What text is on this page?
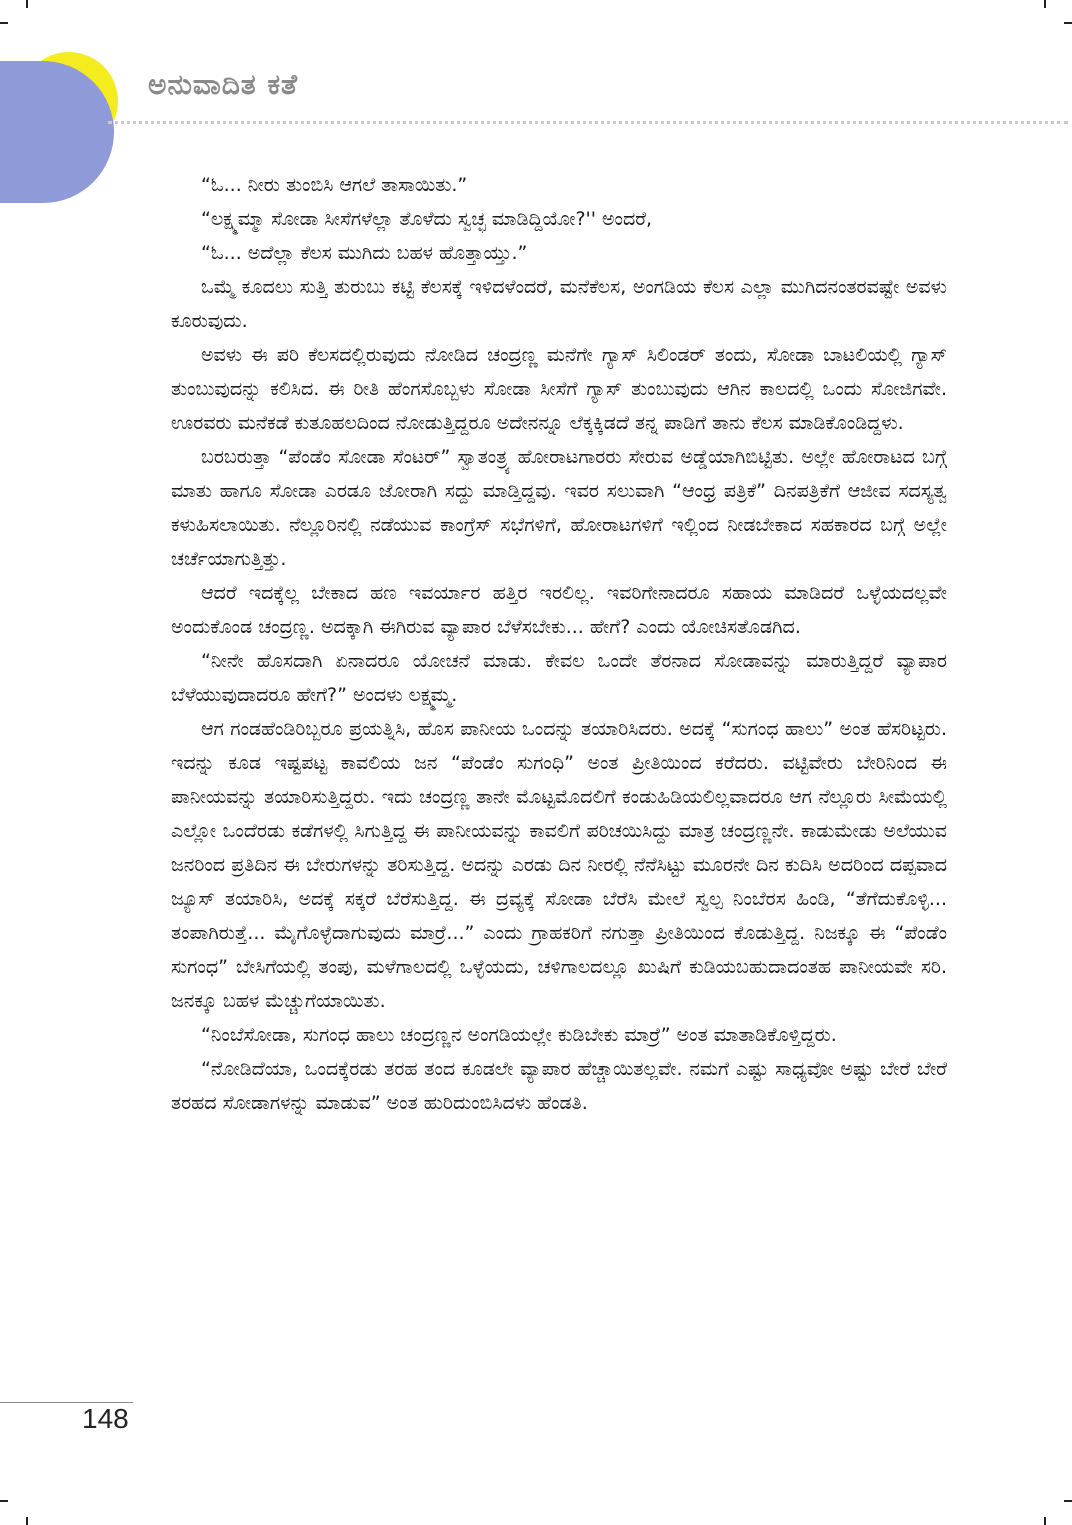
ಅನುವಾದಿತ ಕತೆ

“ಓ... ನೀರು ತುಂಬಿಸಿ ಆಗಲೆ ತಾಸಾಯಿತು.”

“ಲಕ್ಷ್ಮಮ್ಮಾ ಸೋಡಾ ಸೀಸೆಗಳೆಲ್ಲಾ ತೊಳೆದು ಸ್ವಚ್ಛ ಮಾಡಿದ್ದಿಯೋ?'' ಅಂದರೆ,

“ಓ... ಅದೆಲ್ಲಾ ಕೆಲಸ ಮುಗಿದು ಬಹಳ ಹೊತ್ತಾಯ್ತು.”

ಒಮ್ಮೆ ಕೂದಲು ಸುತ್ತಿ ತುರುಬು ಕಟ್ಟಿ ಕೆಲಸಕ್ಕೆ ಇಳಿದಳೆಂದರೆ, ಮನೆಕೆಲಸ, ಅಂಗಡಿಯ ಕೆಲಸ ಎಲ್ಲಾ ಮುಗಿದನಂತರವಷ್ಟೇ ಅವಳು ಕೂರುವುದು.

ಅವಳು ಈ ಪರಿ ಕೆಲಸದಲ್ಲಿರುವುದು ನೋಡಿದ ಚಂದ್ರಣ್ಣ ಮನೆಗೇ ಗ್ಯಾಸ್ ಸಿಲಿಂಡರ್ ತಂದು, ಸೋಡಾ ಬಾಟಲಿಯಲ್ಲಿ ಗ್ಯಾಸ್ ತುಂಬುವುದನ್ನು ಕಲಿಸಿದ. ಈ ರೀತಿ ಹೆಂಗಸೊಬ್ಬಳು ಸೋಡಾ ಸೀಸೆಗೆ ಗ್ಯಾಸ್ ತುಂಬುವುದು ಆಗಿನ ಕಾಲದಲ್ಲಿ ಒಂದು ಸೋಜಿಗವೇ. ಊರವರು ಮನೆಕಡೆ ಕುತೂಹಲದಿಂದ ನೋಡುತ್ತಿದ್ದರೂ ಅದೇನನ್ನೂ ಲೆಕ್ಕಕ್ಕಿಡದೆ ತನ್ನ ಪಾಡಿಗೆ ತಾನು ಕೆಲಸ ಮಾಡಿಕೊಂಡಿದ್ದಳು.

ಬರಬರುತ್ತಾ “ಪೆಂಡೆಂ ಸೋಡಾ ಸೆಂಟರ್” ಸ್ವಾತಂತ್ರ್ಯ ಹೋರಾಟಗಾರರು ಸೇರುವ ಅಡ್ಡೆಯಾಗಿಬಿಟ್ಟಿತು. ಅಲ್ಲೇ ಹೋರಾಟದ ಬಗ್ಗೆ ಮಾತು ಹಾಗೂ ಸೋಡಾ ಎರಡೂ ಜೋರಾಗಿ ಸದ್ದು ಮಾಡ್ತಿದ್ದವು. ಇವರ ಸಲುವಾಗಿ “ಆಂಧ್ರ ಪತ್ರಿಕೆ” ದಿನಪತ್ರಿಕೆಗೆ ಆಜೀವ ಸದಸ್ಯತ್ವ ಕಳುಹಿಸಲಾಯಿತು. ನೆಲ್ಲೂರಿನಲ್ಲಿ ನಡೆಯುವ ಕಾಂಗ್ರೆಸ್ ಸಭೆಗಳಿಗೆ, ಹೋರಾಟಗಳಿಗೆ ಇಲ್ಲಿಂದ ನೀಡಬೇಕಾದ ಸಹಕಾರದ ಬಗ್ಗೆ ಅಲ್ಲೇ ಚರ್ಚೆಯಾಗುತ್ತಿತ್ತು.

ಆದರೆ ಇದಕ್ಕೆಲ್ಲ ಬೇಕಾದ ಹಣ ಇವರ್ಯಾರ ಹತ್ತಿರ ಇರಲಿಲ್ಲ. ಇವರಿಗೇನಾದರೂ ಸಹಾಯ ಮಾಡಿದರೆ ಒಳ್ಳೆಯದಲ್ಲವೇ ಅಂದುಕೊಂಡ ಚಂದ್ರಣ್ಣ. ಅದಕ್ಕಾಗಿ ಈಗಿರುವ ವ್ಯಾಪಾರ ಬೆಳೆಸಬೇಕು... ಹೇಗೆ? ಎಂದು ಯೋಚಿಸತೊಡಗಿದ.

“ನೀನೇ ಹೊಸದಾಗಿ ಏನಾದರೂ ಯೋಚನೆ ಮಾಡು. ಕೇವಲ ಒಂದೇ ತೆರನಾದ ಸೋಡಾವನ್ನು ಮಾರುತ್ತಿದ್ದರೆ ವ್ಯಾಪಾರ ಬೆಳೆಯುವುದಾದರೂ ಹೇಗೆ?” ಅಂದಳು ಲಕ್ಷ್ಮಮ್ಮ.

ಆಗ ಗಂಡಹೆಂಡಿರಿಬ್ಬರೂ ಪ್ರಯತ್ನಿಸಿ, ಹೊಸ ಪಾನೀಯ ಒಂದನ್ನು ತಯಾರಿಸಿದರು. ಅದಕ್ಕೆ “ಸುಗಂಧ ಹಾಲು” ಅಂತ ಹೆಸರಿಟ್ಟರು. ಇದನ್ನು ಕೂಡ ಇಷ್ಟಪಟ್ಟ ಕಾವಲಿಯ ಜನ “ಪೆಂಡೆಂ ಸುಗಂಧಿ” ಅಂತ ಪ್ರೀತಿಯಿಂದ ಕರೆದರು. ವಟ್ಟಿವೇರು ಬೇರಿನಿಂದ ಈ ಪಾನೀಯವನ್ನು ತಯಾರಿಸುತ್ತಿದ್ದರು. ಇದು ಚಂದ್ರಣ್ಣ ತಾನೇ ಮೊಟ್ಟಮೊದಲಿಗೆ ಕಂಡುಹಿಡಿಯಲಿಲ್ಲವಾದರೂ ಆಗ ನೆಲ್ಲೂರು ಸೀಮೆಯಲ್ಲಿ ಎಲ್ಲೋ ಒಂದೆರಡು ಕಡೆಗಳಲ್ಲಿ ಸಿಗುತ್ತಿದ್ದ ಈ ಪಾನೀಯವನ್ನು ಕಾವಲಿಗೆ ಪರಿಚಯಿಸಿದ್ದು ಮಾತ್ರ ಚಂದ್ರಣ್ಣನೇ. ಕಾಡುಮೇಡು ಅಲೆಯುವ ಜನರಿಂದ ಪ್ರತಿದಿನ ಈ ಬೇರುಗಳನ್ನು ತರಿಸುತ್ತಿದ್ದ. ಅದನ್ನು ಎರಡು ದಿನ ನೀರಲ್ಲಿ ನೆನೆಸಿಟ್ಟು ಮೂರನೇ ದಿನ ಕುದಿಸಿ ಅದರಿಂದ ದಪ್ಪವಾದ ಜ್ಯೂಸ್ ತಯಾರಿಸಿ, ಅದಕ್ಕೆ ಸಕ್ಕರೆ ಬೆರೆಸುತ್ತಿದ್ದ. ಈ ದ್ರವ್ಯಕ್ಕೆ ಸೋಡಾ ಬೆರೆಸಿ ಮೇಲೆ ಸ್ವಲ್ಪ ನಿಂಬೆರಸ ಹಿಂಡಿ, “ತೆಗೆದುಕೊಳ್ಳಿ... ತಂಪಾಗಿರುತ್ತೆ... ಮೈಗೊಳ್ಳೆದಾಗುವುದು ಮಾರ್ರೆ...” ಎಂದು ಗ್ರಾಹಕರಿಗೆ ನಗುತ್ತಾ ಪ್ರೀತಿಯಿಂದ ಕೊಡುತ್ತಿದ್ದ. ನಿಜಕ್ಕೂ ಈ “ಪೆಂಡೆಂ ಸುಗಂಧ” ಬೇಸಿಗೆಯಲ್ಲಿ ತಂಪು, ಮಳೆಗಾಲದಲ್ಲಿ ಒಳ್ಳೆಯದು, ಚಳಿಗಾಲದಲ್ಲೂ ಖುಷಿಗೆ ಕುಡಿಯಬಹುದಾದಂತಹ ಪಾನೀಯವೇ ಸರಿ. ಜನಕ್ಕೂ ಬಹಳ ಮೆಚ್ಚುಗೆಯಾಯಿತು.

“ನಿಂಬೆಸೋಡಾ, ಸುಗಂಧ ಹಾಲು ಚಂದ್ರಣ್ಣನ ಅಂಗಡಿಯಲ್ಲೇ ಕುಡಿಬೇಕು ಮಾರ್ರೆ” ಅಂತ ಮಾತಾಡಿಕೊಳ್ತಿದ್ದರು.

“ನೋಡಿದೆಯಾ, ಒಂದಕ್ಕೆರಡು ತರಹ ತಂದ ಕೂಡಲೇ ವ್ಯಾಪಾರ ಹೆಚ್ಚಾಯಿತಲ್ಲವೇ. ನಮಗೆ ಎಷ್ಟು ಸಾಧ್ಯವೋ ಅಷ್ಟು ಬೇರೆ ಬೇರೆ ತರಹದ ಸೋಡಾಗಳನ್ನು ಮಾಡುವ” ಅಂತ ಹುರಿದುಂಬಿಸಿದಳು ಹೆಂಡತಿ.

148
